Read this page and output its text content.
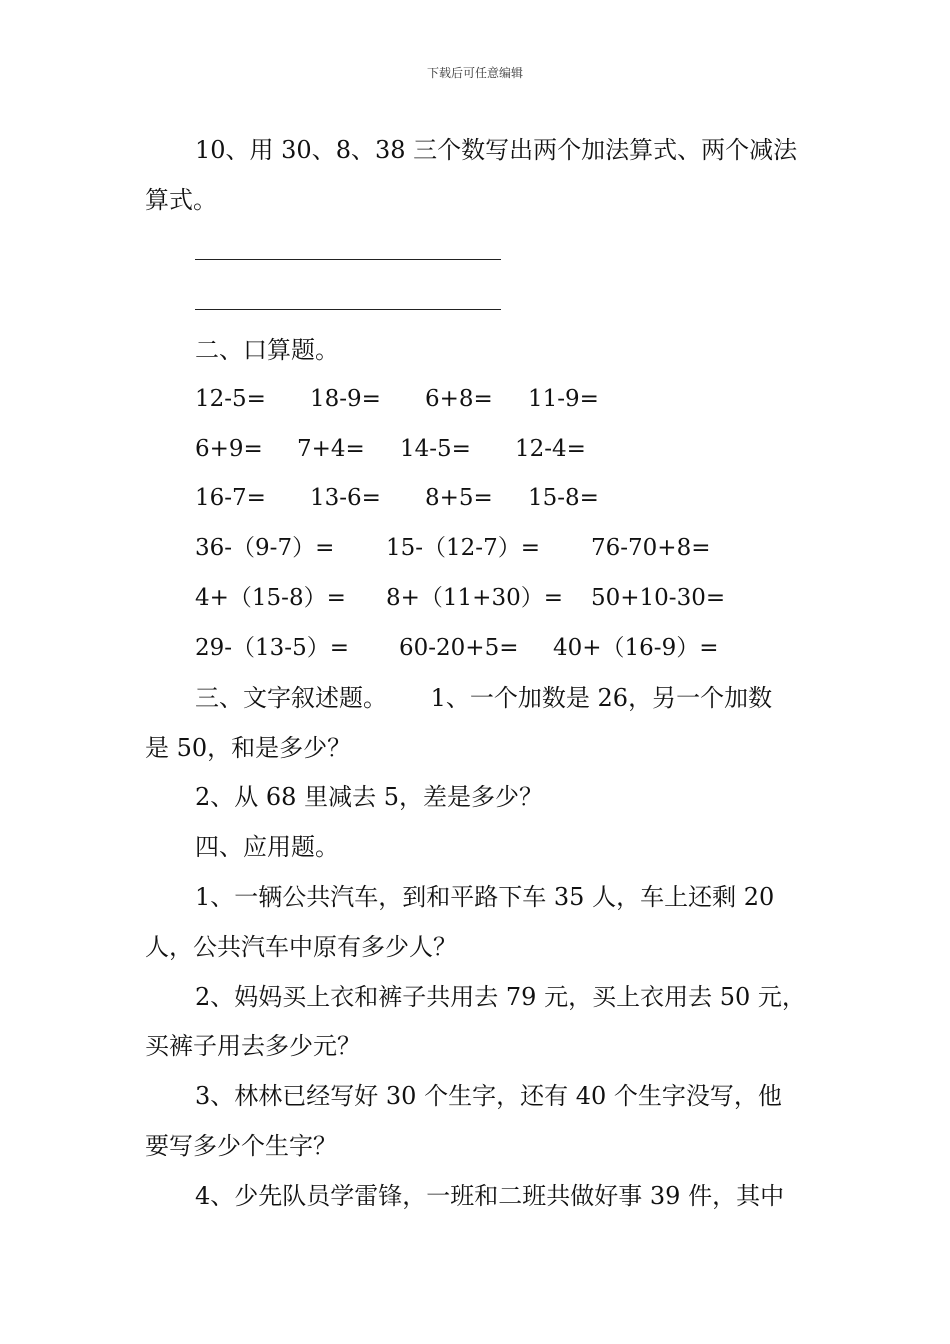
下载后可任意编辑
10、用 30、8、38 三个数写出两个加法算式、两个减法
算式。
二、口算题。
12-5= 18-9= 6+8= 11-9=
6+9= 7+4= 14-5= 12-4=
16-7= 13-6= 8+5= 15-8=
36-（9-7）= 15-（12-7）= 76-70+8=
4+（15-8）= 8+（11+30）= 50+10-30=
29-（13-5）= 60-20+5= 40+（16-9）=
三、文字叙述题。　　 1、一个加数是 26，另一个加数
是 50，和是多少？
2、从 68 里减去 5，差是多少？
四、应用题。
1、一辆公共汽车，到和平路下车 35 人，车上还剩 20
人，公共汽车中原有多少人？
2、妈妈买上衣和裤子共用去 79 元，买上衣用去 50 元，
买裤子用去多少元？
3、林林已经写好 30 个生字，还有 40 个生字没写，他
要写多少个生字？
4、少先队员学雷锋，一班和二班共做好事 39 件，其中
